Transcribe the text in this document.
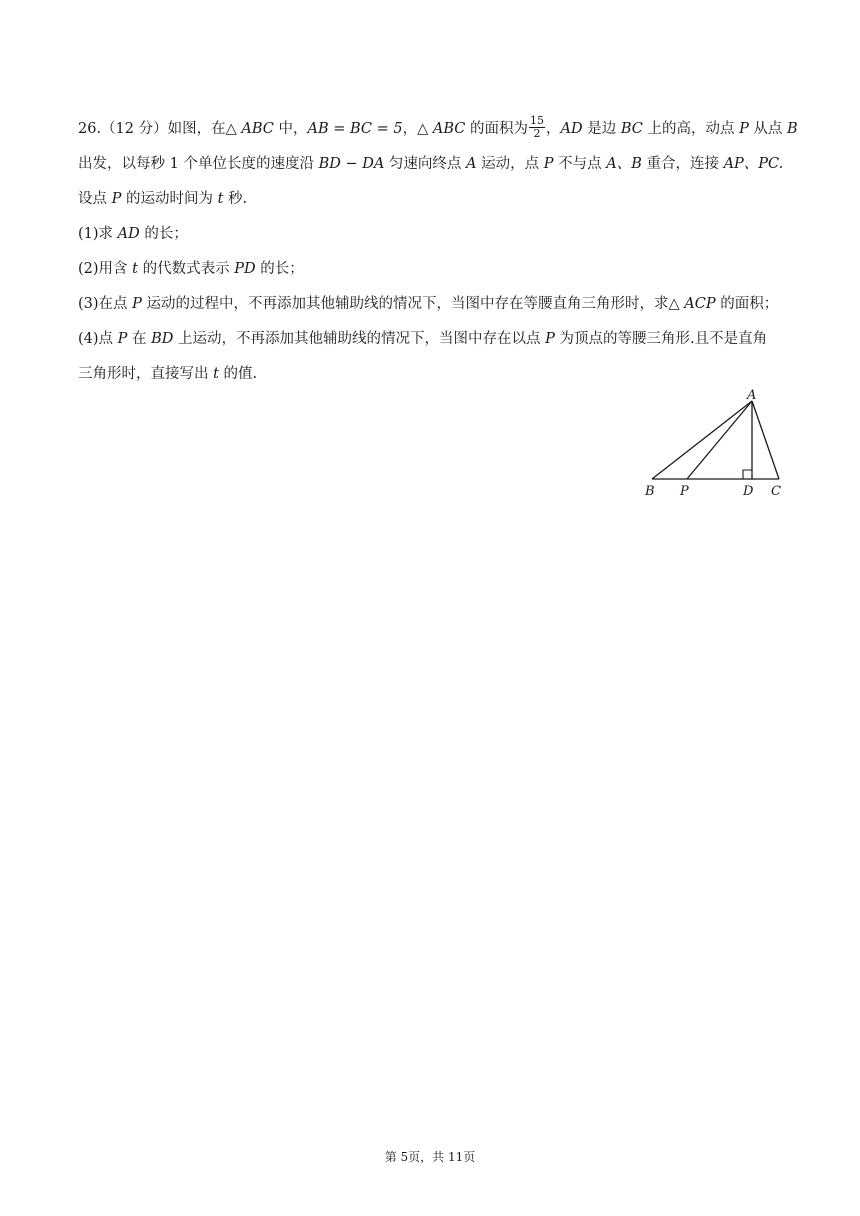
26.（12 分）如图，在△ ABC 中，AB = BC = 5，△ ABC 的面积为 $\frac{15}{2}$ ，AD 是边 BC 上的高，动点 P 从点 B
出发，以每秒 1 个单位长度的速度沿 BD − DA 匀速向终点 A 运动，点 P 不与点 A、B 重合，连接 AP、PC.
设点 P 的运动时间为 t 秒.
(1)求 AD 的长；
(2)用含 t 的代数式表示 PD 的长；
(3)在点 P 运动的过程中，不再添加其他辅助线的情况下，当图中存在等腰直角三角形时，求△ ACP 的面积；
(4)点 P 在 BD 上运动，不再添加其他辅助线的情况下，当图中存在以点 P 为顶点的等腰三角形.且不是直角
三角形时，直接写出 t 的值.
A
B P	D C
第 5页，共 11页
